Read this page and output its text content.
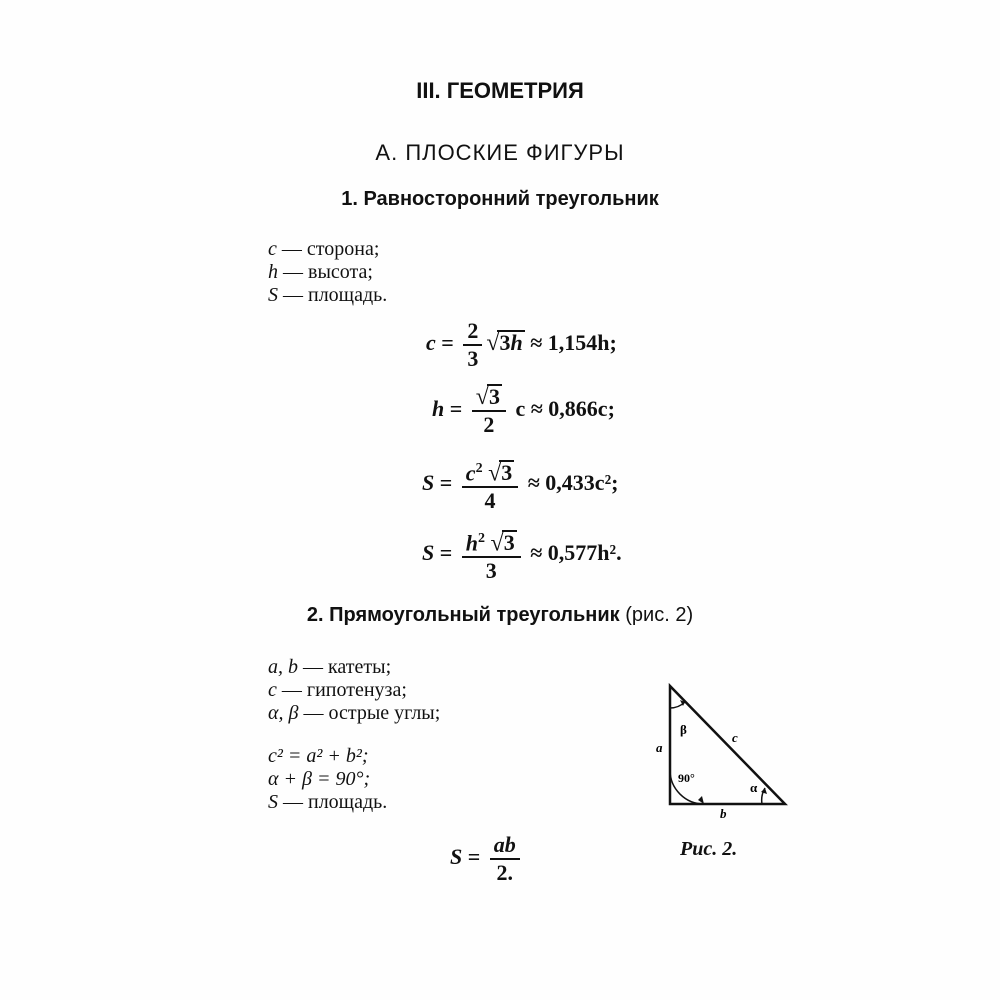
III. ГЕОМЕТРИЯ
А. ПЛОСКИЕ ФИГУРЫ
1. Равносторонний треугольник
c — сторона;
h — высота;
S — площадь.
$c = \frac{2}{3} √3h \approx 1,154h$;
$h = \frac{√3}{2}$ c ≈ 0,866c;
$S = \frac{c^2 √3}{4} \approx 0,433c^2$;
$S = \frac{h^2 √3}{3} \approx 0,577h^2$.
2. Прямоугольный треугольник (рис. 2)
a, b — катеты;
c — гипотенуза;
α, β — острые углы;
c² = a² + b²;
α + β = 90°;
S — площадь.
$S = \frac{ab}{2.}$
a
b
c
β
α
90°
Рис. 2.
